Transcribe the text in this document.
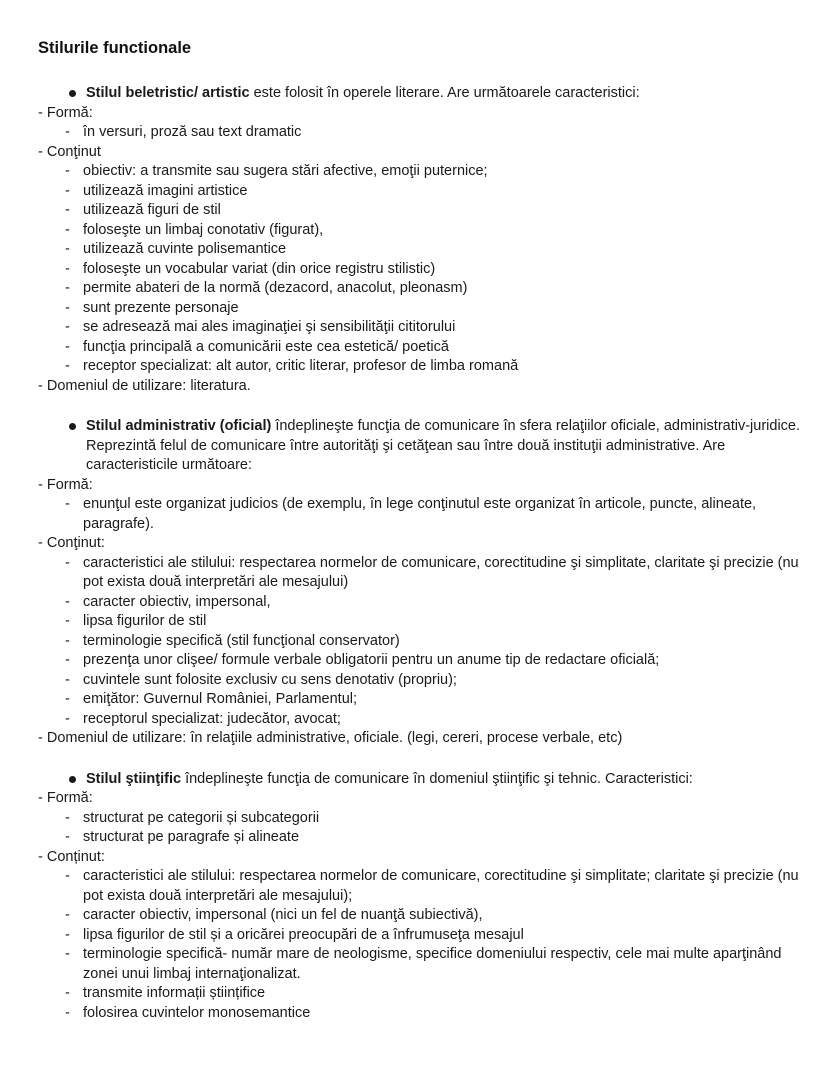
Stilurile functionale

Stilul beletristic/ artistic este folosit în operele literare. Are următoarele caracteristici:

- Formă:

- în versuri, proză sau text dramatic

- Conţinut

- obiectiv: a transmite sau sugera stări afective, emoţii puternice;

- utilizează imagini artistice

- utilizează figuri de stil

- foloseşte un limbaj conotativ (figurat),

- utilizează cuvinte polisemantice

- foloseşte un vocabular variat (din orice registru stilistic)

- permite abateri de la normă (dezacord, anacolut, pleonasm)

- sunt prezente personaje

- se adresează mai ales imaginaţiei şi sensibilităţii cititorului

- funcţia principală a comunicării este cea estetică/ poetică

- receptor specializat: alt autor, critic literar, profesor de limba romană

- Domeniul de utilizare: literatura.

Stilul administrativ (oficial) îndeplineşte funcţia de comunicare în sfera relaţiilor oficiale, administrativ-juridice. Reprezintă felul de comunicare între autorităţi şi cetăţean sau între două instituţii administrative. Are caracteristicile următoare:

- Formă:

- enunţul este organizat judicios (de exemplu, în lege conţinutul este organizat în articole, puncte, alineate, paragrafe).

- Conţinut:

- caracteristici ale stilului: respectarea normelor de comunicare, corectitudine şi simplitate, claritate şi precizie (nu pot exista două interpretări ale mesajului)

- caracter obiectiv, impersonal,

- lipsa figurilor de stil

- terminologie specifică (stil funcţional conservator)

- prezenţa unor clişee/ formule verbale obligatorii pentru un anume tip de redactare oficială;

- cuvintele sunt folosite exclusiv cu sens denotativ (propriu);

- emiţător: Guvernul României, Parlamentul;

- receptorul specializat: judecător, avocat;

- Domeniul de utilizare: în relaţiile administrative, oficiale. (legi, cereri, procese verbale, etc)

Stilul ştiinţific îndeplineşte funcţia de comunicare în domeniul ştiinţific şi tehnic. Caracteristici:

- Formă:

- structurat pe categorii și subcategorii

- structurat pe paragrafe și alineate

- Conținut:

- caracteristici ale stilului: respectarea normelor de comunicare, corectitudine şi simplitate; claritate şi precizie (nu pot exista două interpretări ale mesajului);

- caracter obiectiv, impersonal (nici un fel de nuanţă subiectivă),

- lipsa figurilor de stil și a oricărei preocupări de a înfrumuseţa mesajul

- terminologie specifică- număr mare de neologisme, specifice domeniului respectiv, cele mai multe aparţinând zonei unui limbaj internaţionalizat.

- transmite informații științifice

- folosirea cuvintelor monosemantice
